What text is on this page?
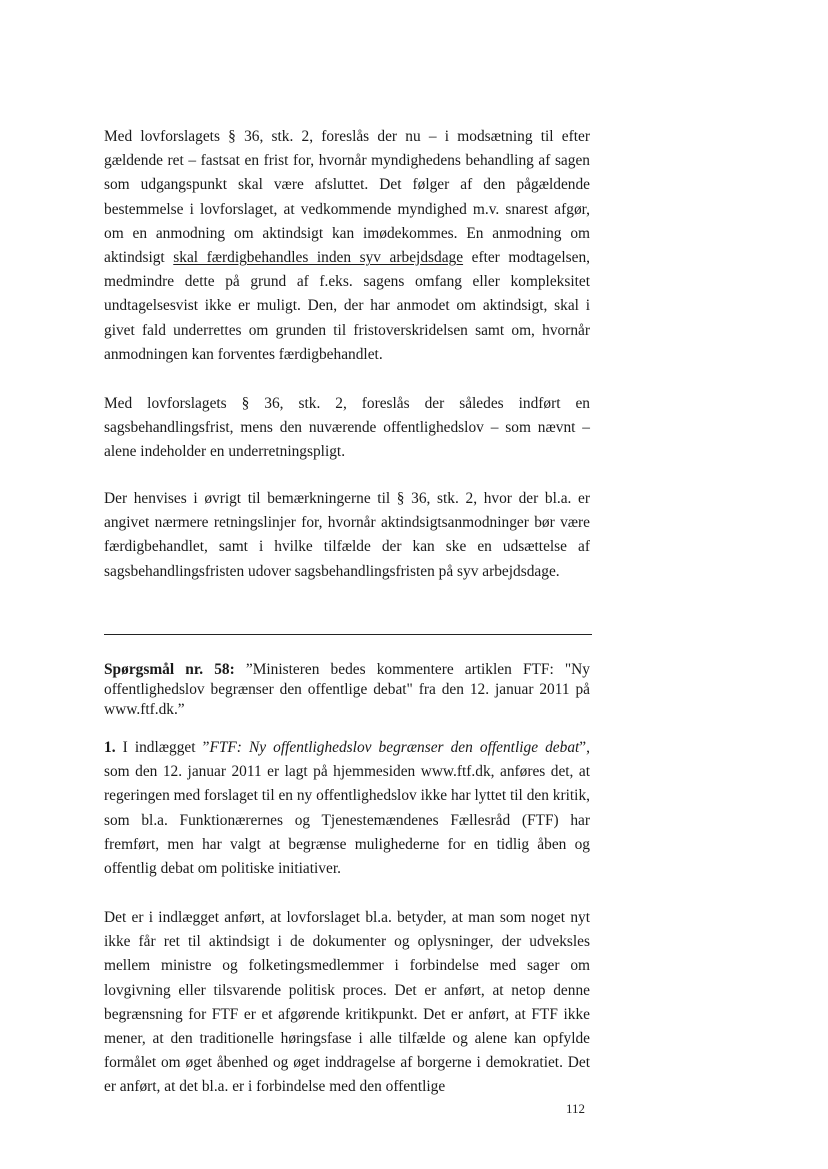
Med lovforslagets § 36, stk. 2, foreslås der nu – i modsætning til efter gældende ret – fastsat en frist for, hvornår myndighedens behandling af sagen som udgangspunkt skal være afsluttet. Det følger af den pågældende bestemmelse i lovforslaget, at vedkommende myndighed m.v. snarest afgør, om en anmodning om aktindsigt kan imødekommes. En anmodning om aktindsigt skal færdigbehandles inden syv arbejdsdage efter modtagelsen, medmindre dette på grund af f.eks. sagens omfang eller kompleksitet undtagelsesvist ikke er muligt. Den, der har anmodet om aktindsigt, skal i givet fald underrettes om grunden til fristoverskridelsen samt om, hvornår anmodningen kan forventes færdigbehandlet.

Med lovforslagets § 36, stk. 2, foreslås der således indført en sagsbehandlingsfrist, mens den nuværende offentlighedslov – som nævnt – alene indeholder en underretningspligt.

Der henvises i øvrigt til bemærkningerne til § 36, stk. 2, hvor der bl.a. er angivet nærmere retningslinjer for, hvornår aktindsigtsanmodninger bør være færdigbehandlet, samt i hvilke tilfælde der kan ske en udsættelse af sagsbehandlingsfristen udover sagsbehandlingsfristen på syv arbejdsdage.

Spørgsmål nr. 58: ”Ministeren bedes kommentere artiklen FTF: "Ny offentlighedslov begrænser den offentlige debat" fra den 12. januar 2011 på www.ftf.dk.”

1. I indlægget ”FTF: Ny offentlighedslov begrænser den offentlige debat”, som den 12. januar 2011 er lagt på hjemmesiden www.ftf.dk, anføres det, at regeringen med forslaget til en ny offentlighedslov ikke har lyttet til den kritik, som bl.a. Funktionærernes og Tjenestemændenes Fællesråd (FTF) har fremført, men har valgt at begrænse mulighederne for en tidlig åben og offentlig debat om politiske initiativer.

Det er i indlægget anført, at lovforslaget bl.a. betyder, at man som noget nyt ikke får ret til aktindsigt i de dokumenter og oplysninger, der udveksles mellem ministre og folketingsmedlemmer i forbindelse med sager om lovgivning eller tilsvarende politisk proces. Det er anført, at netop denne begrænsning for FTF er et afgørende kritikpunkt. Det er anført, at FTF ikke mener, at den traditionelle høringsfase i alle tilfælde og alene kan opfylde formålet om øget åbenhed og øget inddragelse af borgerne i demokratiet. Det er anført, at det bl.a. er i forbindelse med den offentlige

112
